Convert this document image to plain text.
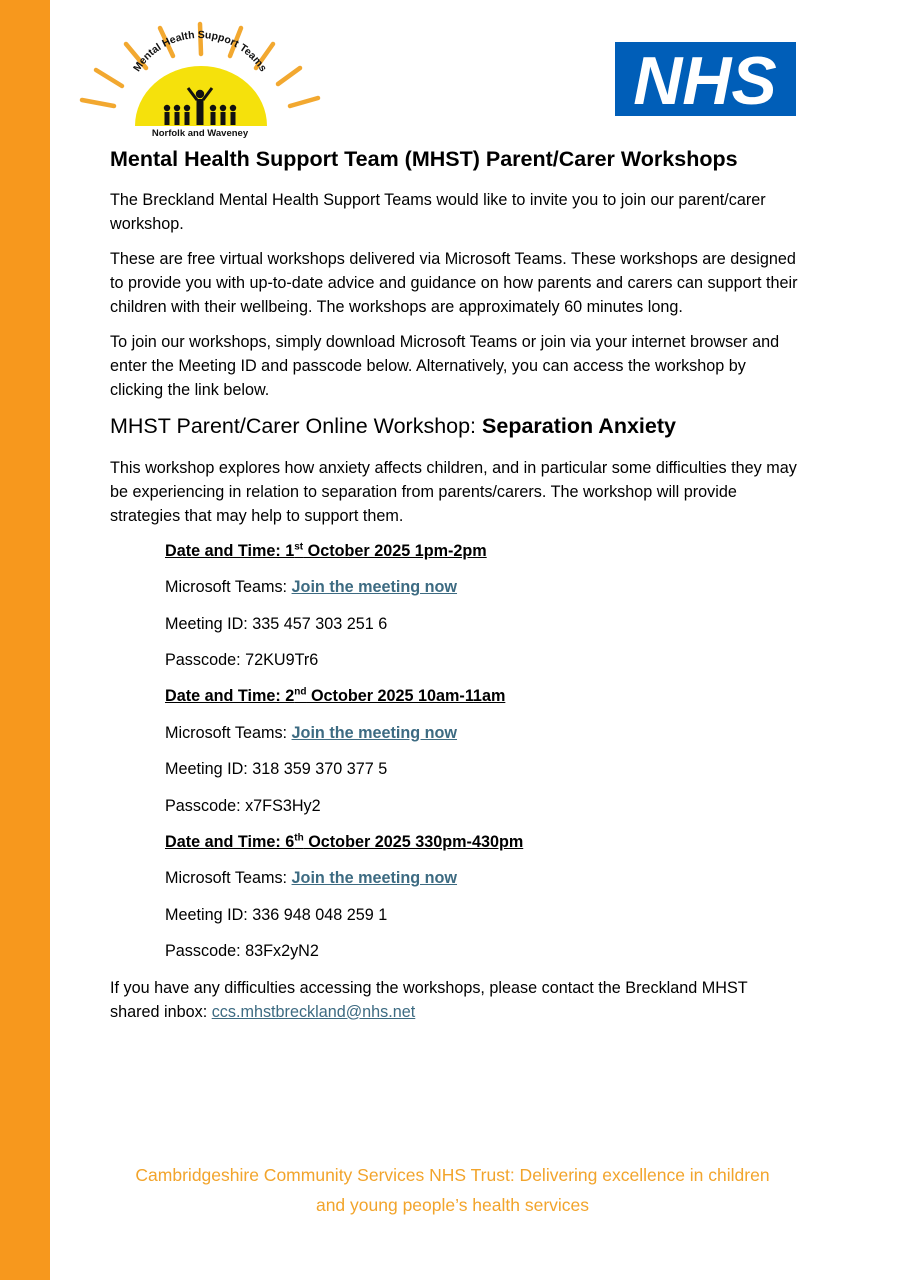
Mental Health Support Teams
Norfolk and Waveney
NHS
Mental Health Support Team (MHST) Parent/Carer Workshops

The Breckland Mental Health Support Teams would like to invite you to join our parent/carer workshop.

These are free virtual workshops delivered via Microsoft Teams. These workshops are designed to provide you with up-to-date advice and guidance on how parents and carers can support their children with their wellbeing. The workshops are approximately 60 minutes long.

To join our workshops, simply download Microsoft Teams or join via your internet browser and enter the Meeting ID and passcode below. Alternatively, you can access the workshop by clicking the link below.

MHST Parent/Carer Online Workshop: Separation Anxiety

This workshop explores how anxiety affects children, and in particular some difficulties they may be experiencing in relation to separation from parents/carers. The workshop will provide strategies that may help to support them.

Date and Time: 1st October 2025 1pm-2pm
Microsoft Teams: Join the meeting now
Meeting ID: 335 457 303 251 6
Passcode: 72KU9Tr6
Date and Time: 2nd October 2025 10am-11am
Microsoft Teams: Join the meeting now
Meeting ID: 318 359 370 377 5
Passcode: x7FS3Hy2
Date and Time: 6th October 2025 330pm-430pm
Microsoft Teams: Join the meeting now
Meeting ID: 336 948 048 259 1
Passcode: 83Fx2yN2

If you have any difficulties accessing the workshops, please contact the Breckland MHST shared inbox: ccs.mhstbreckland@nhs.net

Cambridgeshire Community Services NHS Trust: Delivering excellence in children
and young people’s health services
